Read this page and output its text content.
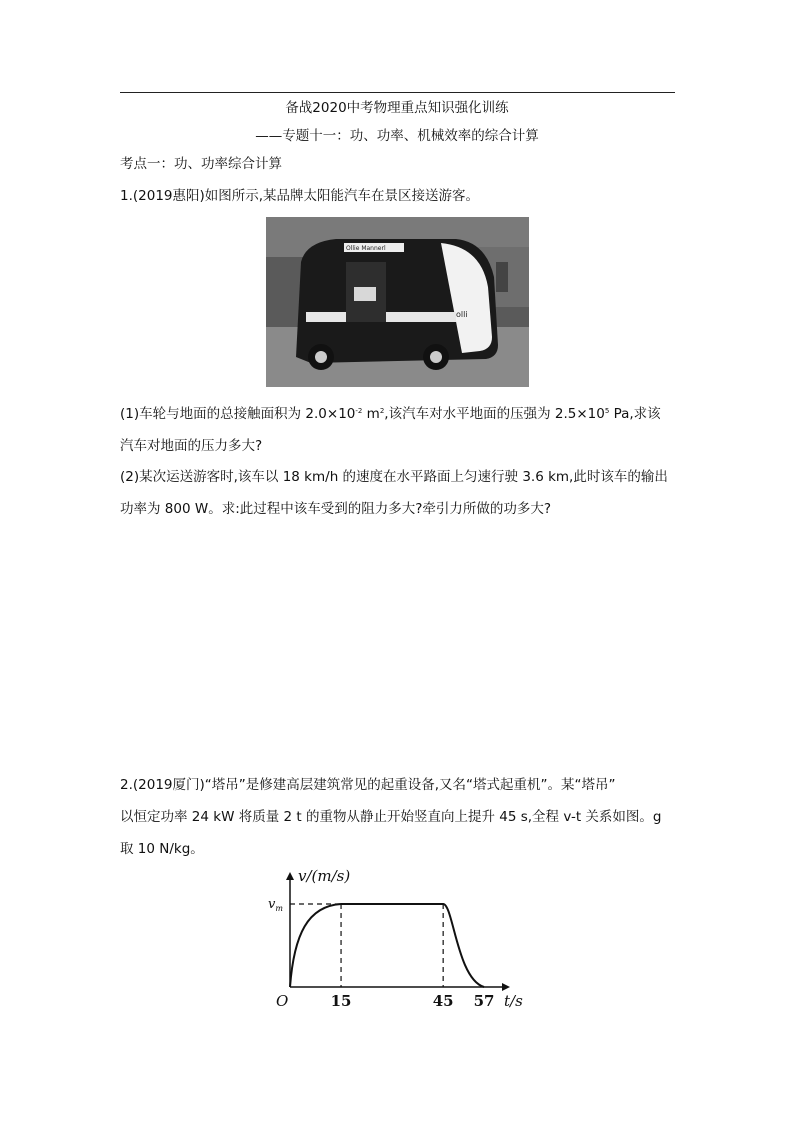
备战2020中考物理重点知识强化训练
——专题十一：功、功率、机械效率的综合计算
考点一：功、功率综合计算
1.(2019惠阳)如图所示,某品牌太阳能汽车在景区接送游客。
Ollie Mannerl
olli
(1)车轮与地面的总接触面积为 $2.0\times 10^{-2}$ $m^2$,该汽车对水平地面的压强为 $2.5\times 10^5$ Pa,求该
汽车对地面的压力多大?
(2)某次运送游客时,该车以 18 km/h 的速度在水平路面上匀速行驶 3.6 km,此时该车的输出
功率为 800 W。求:此过程中该车受到的阻力多大?牵引力所做的功多大?
2.(2019厦门)“塔吊”是修建高层建筑常见的起重设备,又名“塔式起重机”。某“塔吊”
以恒定功率 24 kW 将质量 2 t 的重物从静止开始竖直向上提升 45 s,全程 v-t 关系如图。g
取 10 N/kg。
v/(m/s)
t/s
O
$v_m$
15	45 57
